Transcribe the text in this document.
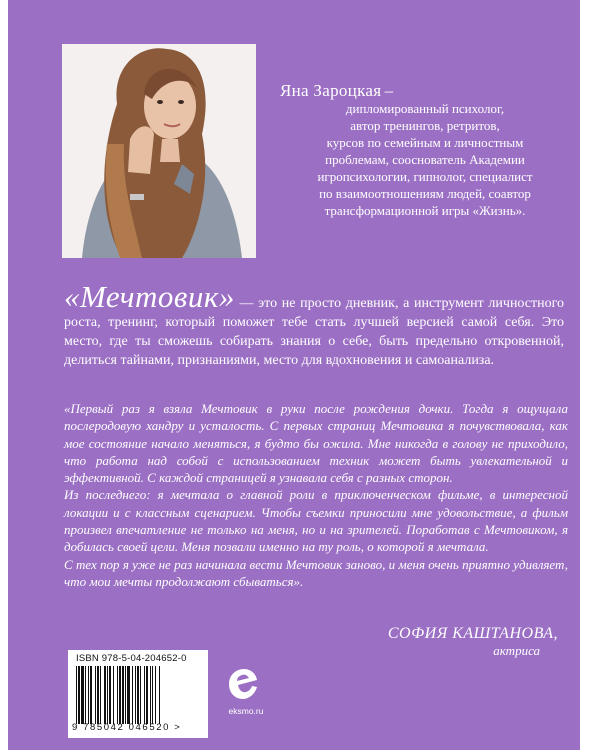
Яна Зароцкая –
дипломированный психолог,
автор тренингов, ретритов,
курсов по семейным и личностным
проблемам, сооснователь Академии
игропсихологии, гипнолог, специалист
по взаимоотношениям людей, соавтор
трансформационной игры «Жизнь».
«Мечтовик» — это не просто дневник, а инструмент личностного роста, тренинг, который поможет тебе стать лучшей версией самой себя. Это место, где ты сможешь собирать знания о себе, быть предельно откровенной, делиться тайнами, признаниями, место для вдохновения и самоанализа.

«Первый раз я взяла Мечтовик в руки после рождения дочки. Тогда я ощущала послеродовую хандру и усталость. С первых страниц Мечтовика я почувствовала, как мое состояние начало меняться, я будто бы ожила. Мне никогда в голову не приходило, что работа над собой с использованием техник может быть увлекательной и эффективной. С каждой страницей я узнавала себя с разных сторон.

Из последнего: я мечтала о главной роли в приключенческом фильме, в интересной локации и с классным сценарием. Чтобы съемки приносили мне удовольствие, а фильм произвел впечатление не только на меня, но и на зрителей. Поработав с Мечтовиком, я добилась своей цели. Меня позвали именно на ту роль, о которой я мечтала.

С тех пор я уже не раз начинала вести Мечтовик заново, и меня очень приятно удивляет, что мои мечты продолжают сбываться».

СОФИЯ КАШТАНОВА,
актриса
ISBN 978-5-04-204652-0
9 785042 046520 >
eksmo.ru
